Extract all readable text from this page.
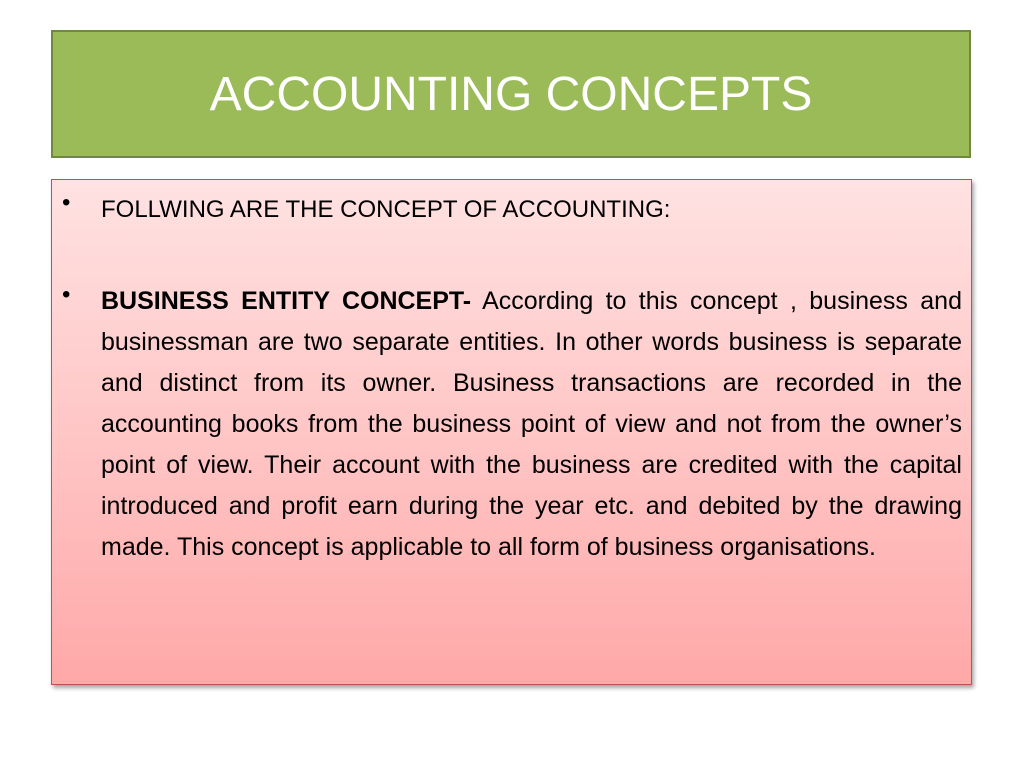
ACCOUNTING CONCEPTS
• FOLLWING ARE THE CONCEPT OF ACCOUNTING:
• BUSINESS ENTITY CONCEPT- According to this concept , business and businessman are two separate entities. In other words business is separate and distinct from its owner. Business transactions are recorded in the accounting books from the business point of view and not from the owner’s point of view. Their account with the business are credited with the capital introduced and profit earn during the year etc. and debited by the drawing made. This concept is applicable to all form of business organisations.
